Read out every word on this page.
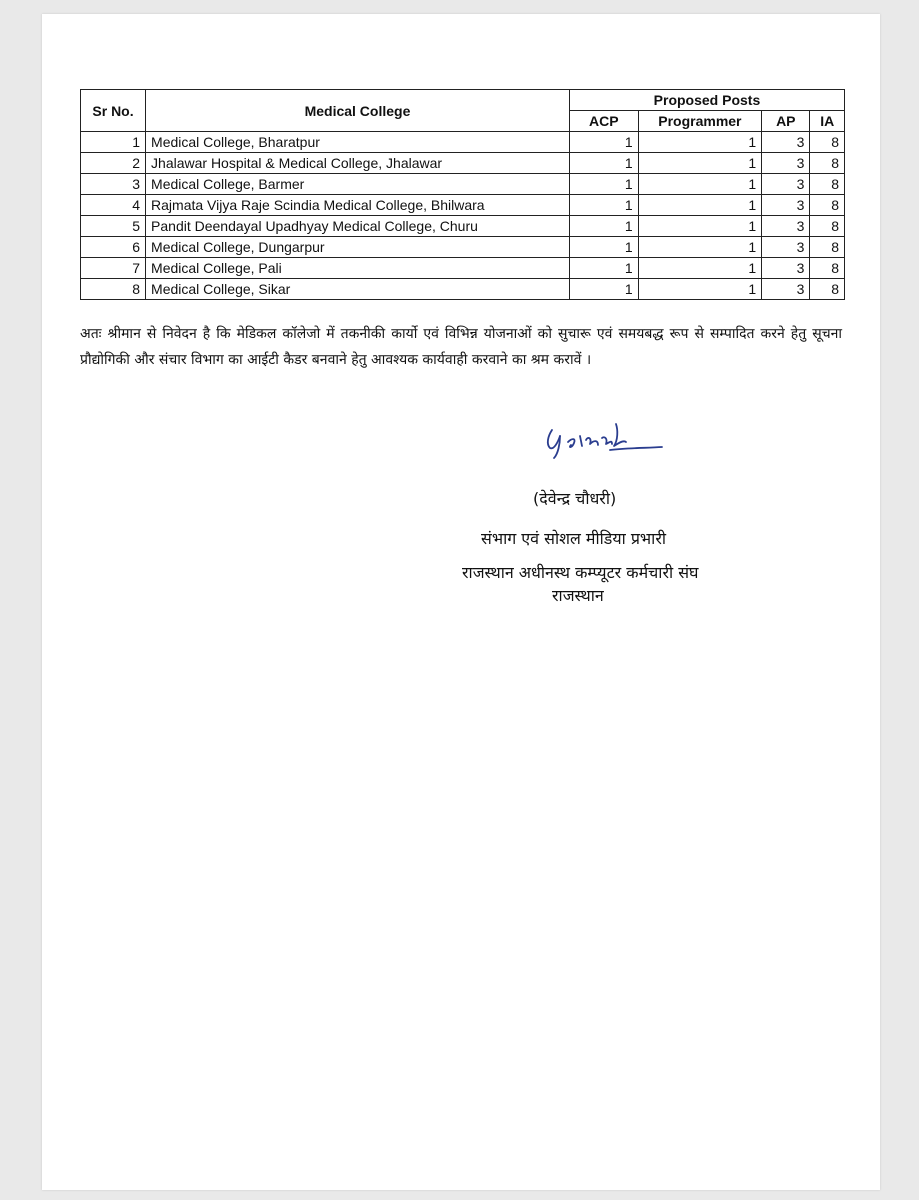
Sr No.	Medical College	Proposed Posts			
		ACP	Programmer	AP	IA
1	Medical College, Bharatpur	1	1	3	8
2	Jhalawar Hospital & Medical College, Jhalawar	1	1	3	8
3	Medical College, Barmer	1	1	3	8
4	Rajmata Vijya Raje Scindia Medical College, Bhilwara	1	1	3	8
5	Pandit Deendayal Upadhyay Medical College, Churu	1	1	3	8
6	Medical College, Dungarpur	1	1	3	8
7	Medical College, Pali	1	1	3	8
8	Medical College, Sikar	1	1	3	8

अतः श्रीमान से निवेदन है कि मेडिकल कॉलेजो में तकनीकी कार्यो एवं विभिन्न योजनाओं को सुचारू एवं समयबद्ध रूप से सम्पादित करने हेतु सूचना प्रौद्योगिकी और संचार विभाग का आईटी कैडर बनवाने हेतु आवश्यक कार्यवाही करवाने का श्रम करावें ।

(देवेन्द्र चौधरी)

संभाग एवं सोशल मीडिया प्रभारी

राजस्थान अधीनस्थ कम्प्यूटर कर्मचारी संघ

राजस्थान
